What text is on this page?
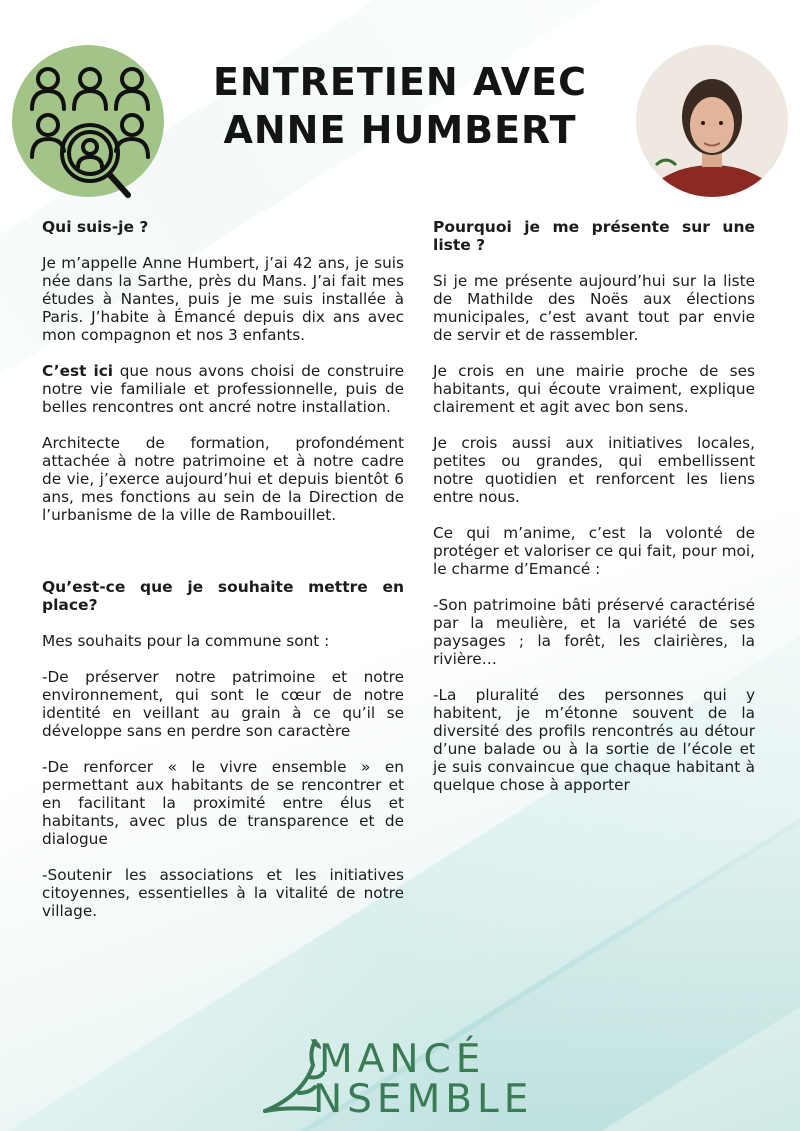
ENTRETIEN AVEC
ANNE HUMBERT
Qui suis-je ?

Je m’appelle Anne Humbert, j’ai 42 ans, je suis née dans la Sarthe, près du Mans. J’ai fait mes études à Nantes, puis je me suis installée à Paris. J’habite à Émancé depuis dix ans avec mon compagnon et nos 3 enfants.

C’est ici que nous avons choisi de construire notre vie familiale et professionnelle, puis de belles rencontres ont ancré notre installation.

Architecte de formation, profondément attachée à notre patrimoine et à notre cadre de vie, j’exerce aujourd’hui et depuis bientôt 6 ans, mes fonctions au sein de la Direction de l’urbanisme de la ville de Rambouillet.

Qu’est-ce que je souhaite mettre en place?

Mes souhaits pour la commune sont :

-De préserver notre patrimoine et notre environnement, qui sont le cœur de notre identité en veillant au grain à ce qu’il se développe sans en perdre son caractère

-De renforcer « le vivre ensemble » en permettant aux habitants de se rencontrer et en facilitant la proximité entre élus et habitants, avec plus de transparence et de dialogue

-Soutenir les associations et les initiatives citoyennes, essentielles à la vitalité de notre village.

Pourquoi je me présente sur une liste ?

Si je me présente aujourd’hui sur la liste de Mathilde des Noës aux élections municipales, c’est avant tout par envie de servir et de rassembler.

Je crois en une mairie proche de ses habitants, qui écoute vraiment, explique clairement et agit avec bon sens.

Je crois aussi aux initiatives locales, petites ou grandes, qui embellissent notre quotidien et renforcent les liens entre nous.

Ce qui m’anime, c’est la volonté de protéger et valoriser ce qui fait, pour moi, le charme d’Emancé :

-Son patrimoine bâti préservé caractérisé par la meulière, et la variété de ses paysages ; la forêt, les clairières, la rivière…

-La pluralité des personnes qui y habitent, je m’étonne souvent de la diversité des profils rencontrés au détour d’une balade ou à la sortie de l’école et je suis convaincue que chaque habitant à quelque chose à apporter

MANCÉ
NSEMBLE
